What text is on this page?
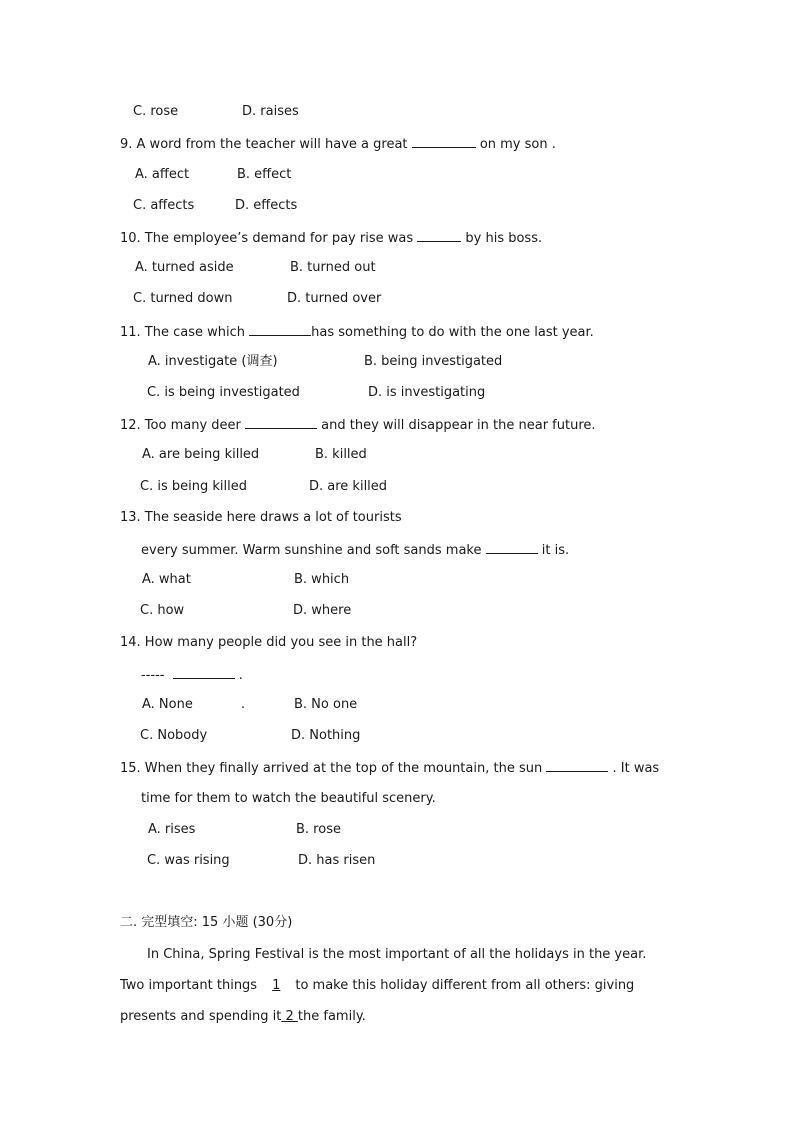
C. rose	D. raises
9. A word from the teacher will have a great	on my son .
A. affect	B. effect
C. affects	D. effects
10. The employee’s demand for pay rise was	by his boss.
A. turned aside	B. turned out
C. turned down	D. turned over
11. The case which	has something to do with the one last year.
A. investigate (调查)	B. being investigated
C. is being investigated	D. is investigating
12. Too many deer	and they will disappear in the near future.
A. are being killed	B. killed
C. is being killed	D. are killed
13. The seaside here draws a lot of tourists
every summer. Warm sunshine and soft sands make	it is.
A. what	B. which
C. how	D. where
14. How many people did you see in the hall?
-----	.
A. None	.	B. No one
C. Nobody	D. Nothing
15. When they finally arrived at the top of the mountain, the sun	. It was
time for them to watch the beautiful scenery.
A. rises	B. rose
C. was rising	D. has risen
二. 完型填空: 15 小题 (30分)
In China, Spring Festival is the most important of all the holidays in the year.
Two important things 1 to make this holiday different from all others: giving
presents and spending it 2 the family.
